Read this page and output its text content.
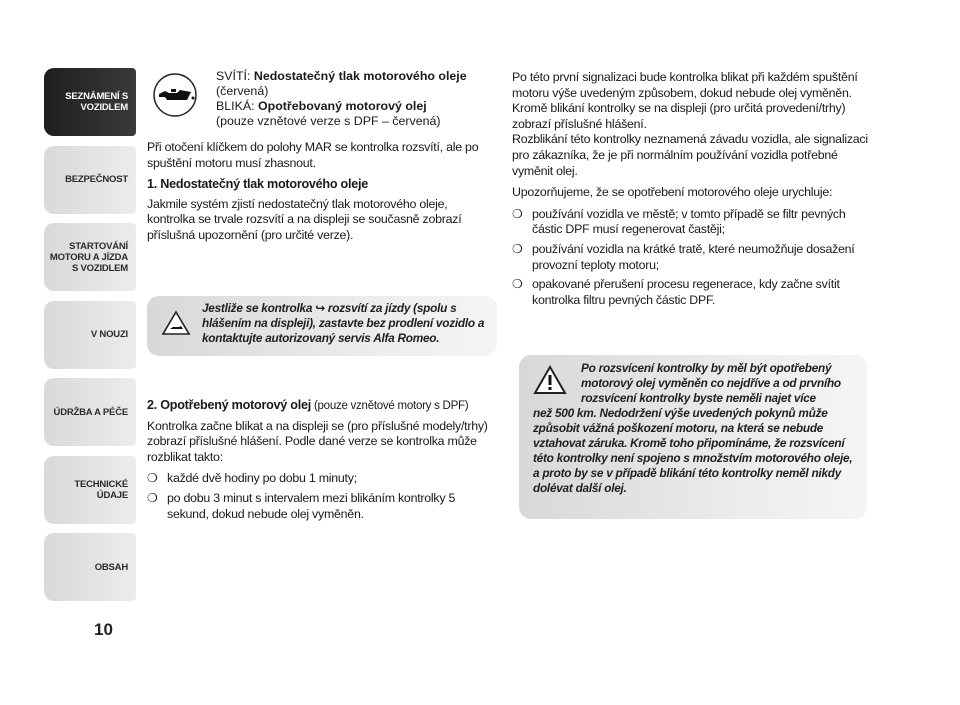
SEZNÁMENÍ S VOZIDLEM
BEZPEČNOST
STARTOVÁNÍ MOTORU A JÍZDA S VOZIDLEM
V NOUZI
ÚDRŽBA A PÉČE
TECHNICKÉ ÚDAJE
OBSAH
10
SVÍTÍ: Nedostatečný tlak motorového oleje (červená)
BLIKÁ: Opotřebovaný motorový olej
(pouze vznětové verze s DPF – červená)

Při otočení klíčkem do polohy MAR se kontrolka rozsvítí, ale po spuštění motoru musí zhasnout.

1. Nedostatečný tlak motorového oleje

Jakmile systém zjistí nedostatečný tlak motorového oleje, kontrolka se trvale rozsvítí a na displeji se současně zobrazí příslušná upozornění (pro určité verze).

Jestliže se kontrolka ↪ rozsvítí za jízdy (spolu s hlášením na displeji), zastavte bez prodlení vozidlo a kontaktujte autorizovaný servis Alfa Romeo.
2. Opotřebený motorový olej (pouze vznětové motory s DPF)

Kontrolka začne blikat a na displeji se (pro příslušné modely/trhy) zobrazí příslušné hlášení. Podle dané verze se kontrolka může rozblikat takto:

❍ každé dvě hodiny po dobu 1 minuty;
❍ po dobu 3 minut s intervalem mezi blikáním kontrolky 5 sekund, dokud nebude olej vyměněn.

Po této první signalizaci bude kontrolka blikat při každém spuštění motoru výše uvedeným způsobem, dokud nebude olej vyměněn. Kromě blikání kontrolky se na displeji (pro určitá provedení/trhy) zobrazí příslušné hlášení.

Rozblikání této kontrolky neznamená závadu vozidla, ale signalizaci pro zákazníka, že je při normálním používání vozidla potřebné vyměnit olej.

Upozorňujeme, že se opotřebení motorového oleje urychluje:

❍ používání vozidla ve městě; v tomto případě se filtr pevných částic DPF musí regenerovat častěji;
❍ používání vozidla na krátké tratě, které neumožňuje dosažení provozní teploty motoru;
❍ opakované přerušení procesu regenerace, kdy začne svítit kontrolka filtru pevných částic DPF.
Po rozsvícení kontrolky by měl být opotřebený motorový olej vyměněn co nejdříve a od prvního rozsvícení kontrolky byste neměli najet více
než 500 km. Nedodržení výše uvedených pokynů může způsobit vážná poškození motoru, na která se nebude vztahovat záruka. Kromě toho připomínáme, že rozsvícení této kontrolky není spojeno s množstvím motorového oleje, a proto by se v případě blikání této kontrolky neměl nikdy dolévat další olej.
